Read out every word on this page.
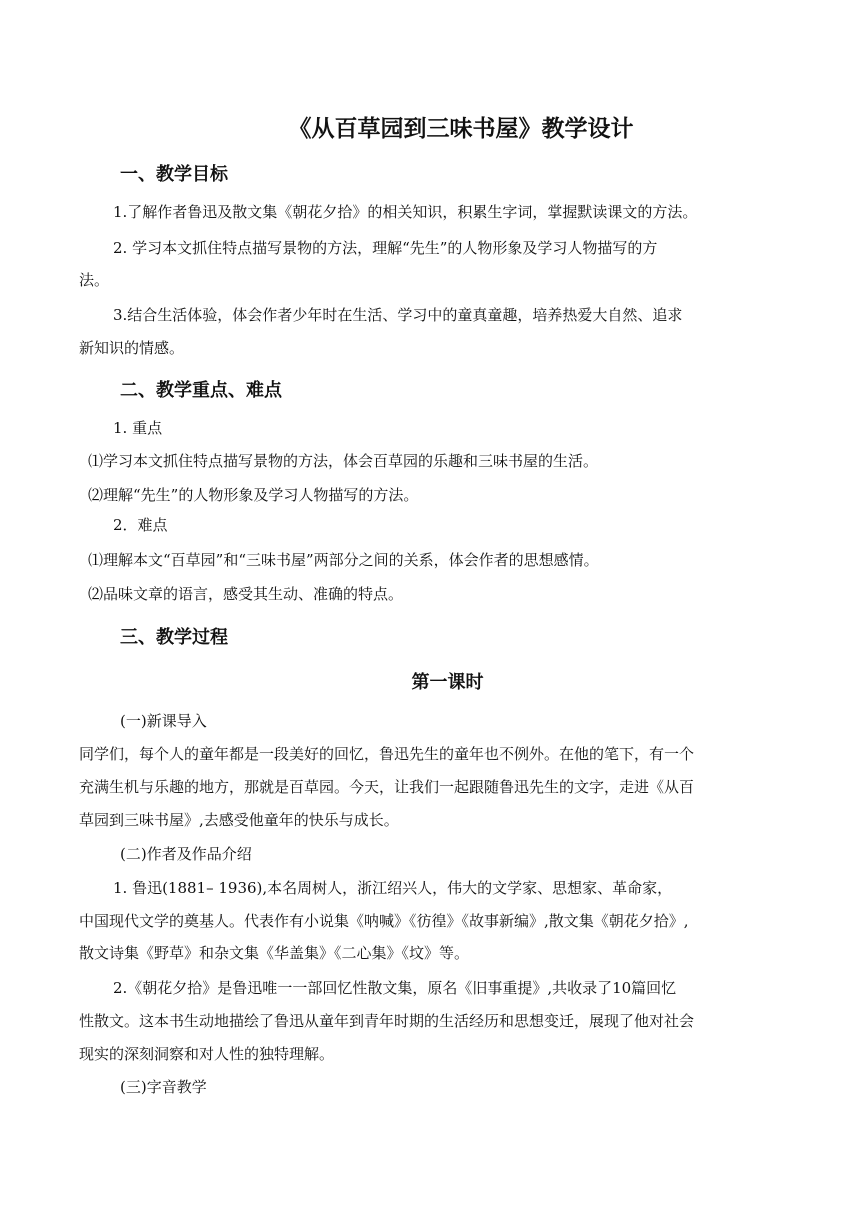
《从百草园到三味书屋》教学设计
一、教学目标
1.了解作者鲁迅及散文集《朝花夕拾》的相关知识，积累生字词，掌握默读课文的方法。
2. 学习本文抓住特点描写景物的方法，理解“先生”的人物形象及学习人物描写的方
法。
3.结合生活体验，体会作者少年时在生活、学习中的童真童趣，培养热爱大自然、追求
新知识的情感。
二、教学重点、难点
1. 重点
⑴学习本文抓住特点描写景物的方法，体会百草园的乐趣和三味书屋的生活。
⑵理解“先生”的人物形象及学习人物描写的方法。
2．难点
⑴理解本文“百草园”和“三味书屋”两部分之间的关系，体会作者的思想感情。
⑵品味文章的语言，感受其生动、准确的特点。
三、教学过程
第一课时
(一)新课导入
同学们，每个人的童年都是一段美好的回忆，鲁迅先生的童年也不例外。在他的笔下，有一个
充满生机与乐趣的地方，那就是百草园。今天，让我们一起跟随鲁迅先生的文字，走进《从百
草园到三味书屋》,去感受他童年的快乐与成长。
(二)作者及作品介绍
1. 鲁迅(1881– 1936),本名周树人，浙江绍兴人，伟大的文学家、思想家、革命家，
中国现代文学的奠基人。代表作有小说集《呐喊》《彷徨》《故事新编》,散文集《朝花夕拾》,
散文诗集《野草》和杂文集《华盖集》《二心集》《坟》等。
2.《朝花夕拾》是鲁迅唯一一部回忆性散文集，原名《旧事重提》,共收录了10篇回忆
性散文。这本书生动地描绘了鲁迅从童年到青年时期的生活经历和思想变迁，展现了他对社会
现实的深刻洞察和对人性的独特理解。
(三)字音教学
